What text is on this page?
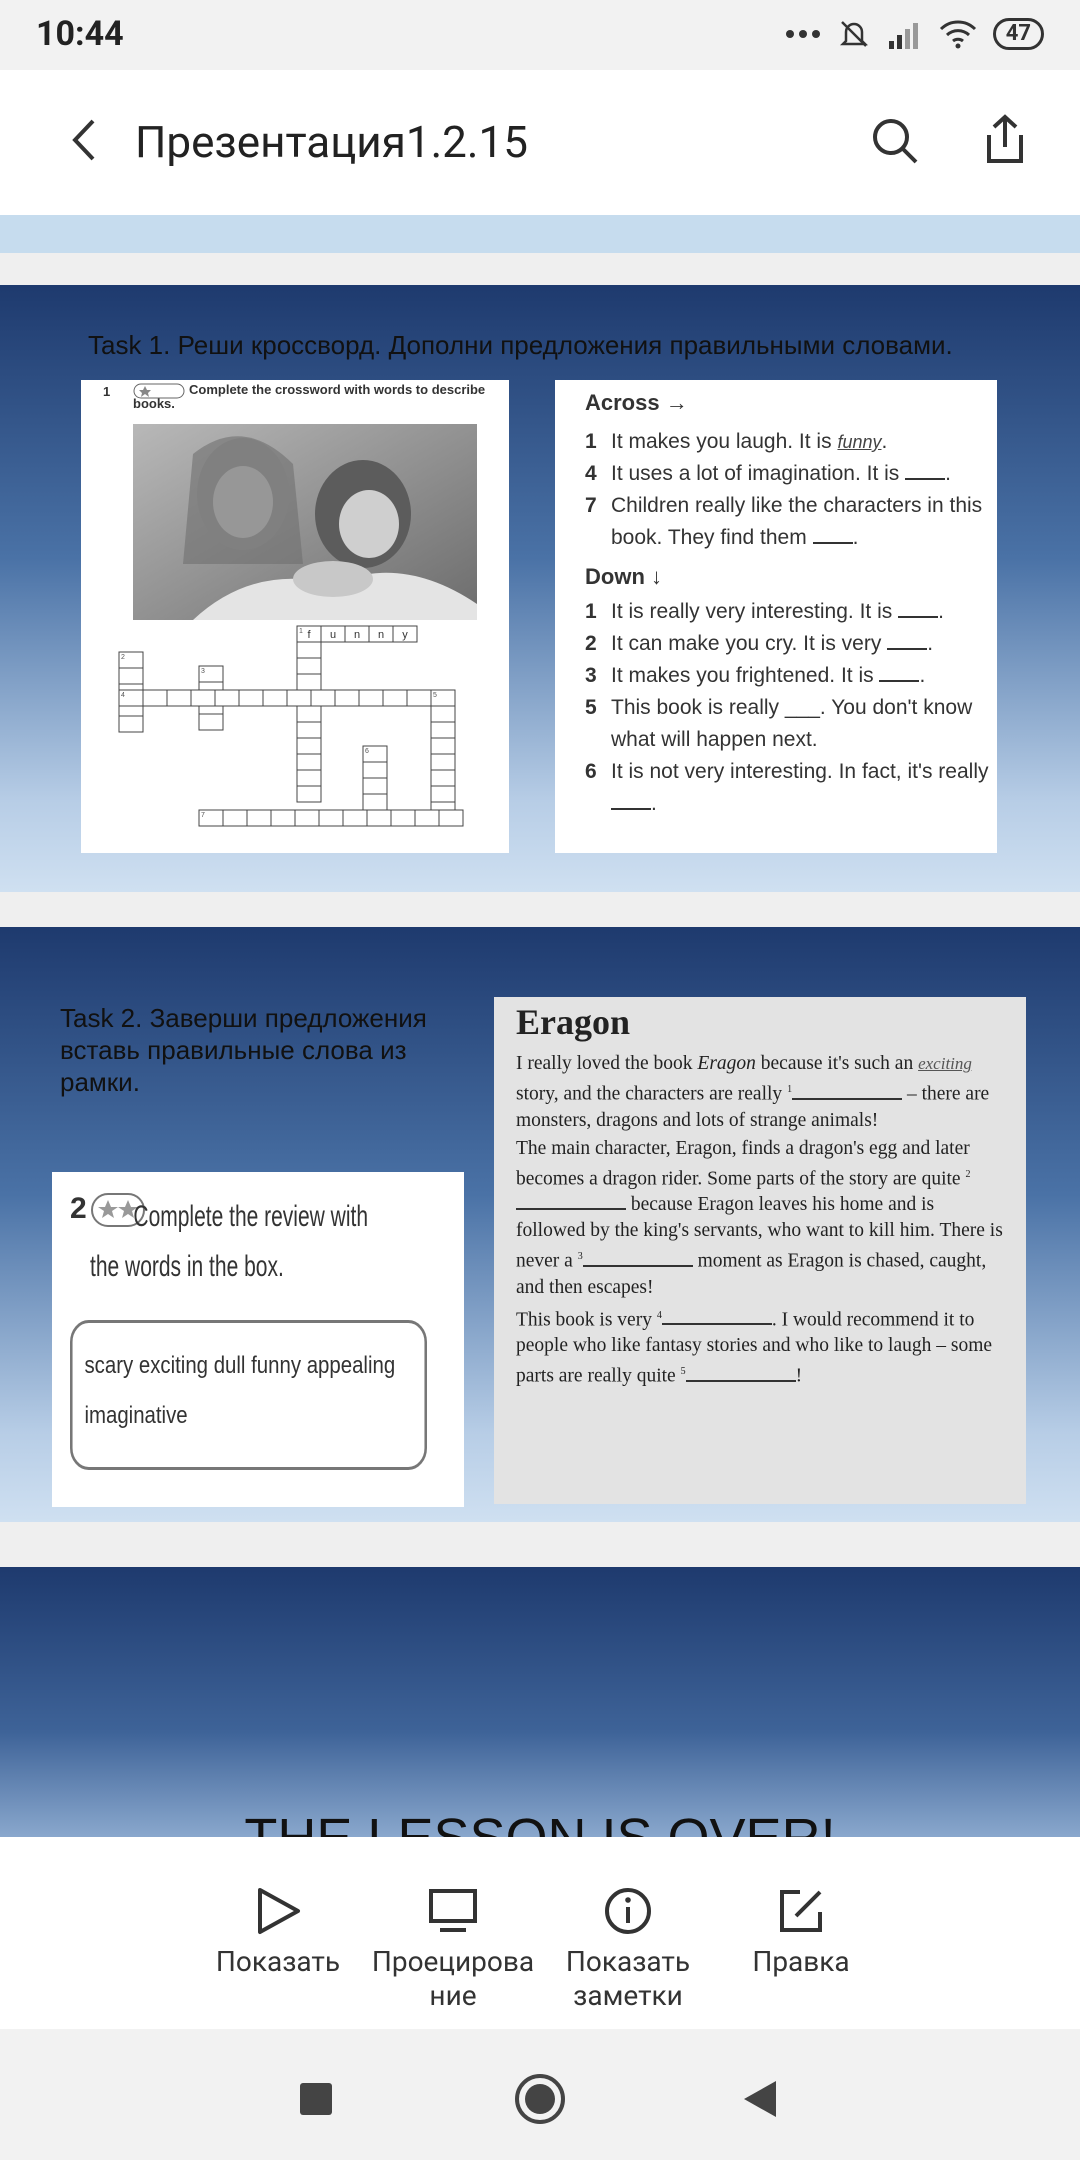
10:44	47
Презентация1.2.15
Task 1. Реши кроссворд. Дополни предложения правильными словами.
1	Complete the crossword with words to describe books.
f u n n y
1
2
3
4	5
6
7

Across →

1 It makes you laugh. It is funny.

4 It uses a lot of imagination. It is .

7 Children really like the characters in this book. They find them .

Down ↓

1 It is really very interesting. It is .

2 It can make you cry. It is very .

3 It makes you frightened. It is .

5 This book is really ___. You don't know what will happen next.

6 It is not very interesting. In fact, it's really .

Task 2. Заверши предложения вставь правильные слова из рамки.
2	Complete the review with the words in the box.
scary exciting dull funny appealing imaginative
Eragon

I really loved the book Eragon because it's such an exciting story, and the characters are really $^1$	– there are monsters, dragons and lots of strange animals!

The main character, Eragon, finds a dragon's egg and later becomes a dragon rider. Some parts of the story are quite $^2$ because Eragon leaves his home and is followed by the king's servants, who want to kill him. There is never a $^3$	moment as Eragon is chased, caught, and then escapes!

This book is very $^4$	. I would recommend it to people who like fantasy stories and who like to laugh – some parts are really quite $^5$	!

Показать	Проецирова ние
Показать заметки
Правка
